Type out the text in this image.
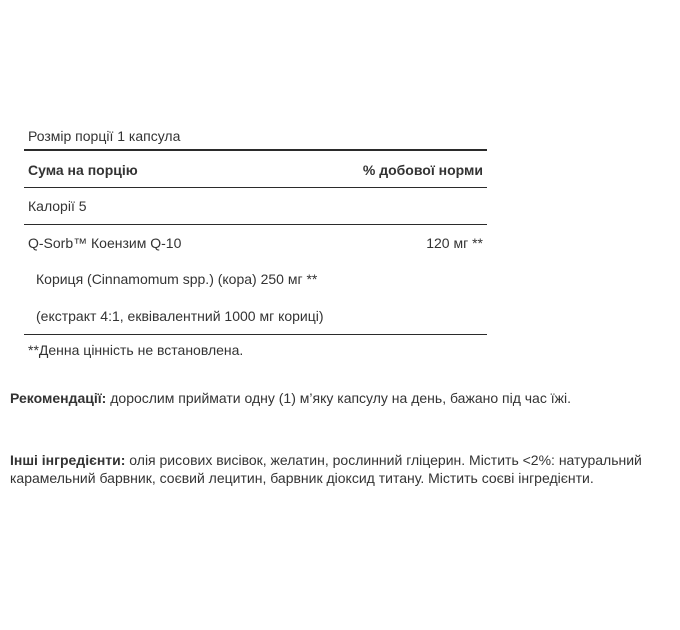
Розмір порції 1 капсула
Сума на порцію	% добової норми
Калорії 5
Q-Sorb™ Коензим Q-10	120 мг **
Кориця (Cinnamomum spp.) (кора) 250 мг **
(екстракт 4:1, еквівалентний 1000 мг кориці)
**Денна цінність не встановлена.
Рекомендації: дорослим приймати одну (1) м’яку капсулу на день, бажано під час їжі.
Інші інгредієнти: олія рисових висівок, желатин, рослинний гліцерин. Містить <2%: натуральний карамельний барвник, соєвий лецитин, барвник діоксид титану. Містить соєві інгредієнти.
